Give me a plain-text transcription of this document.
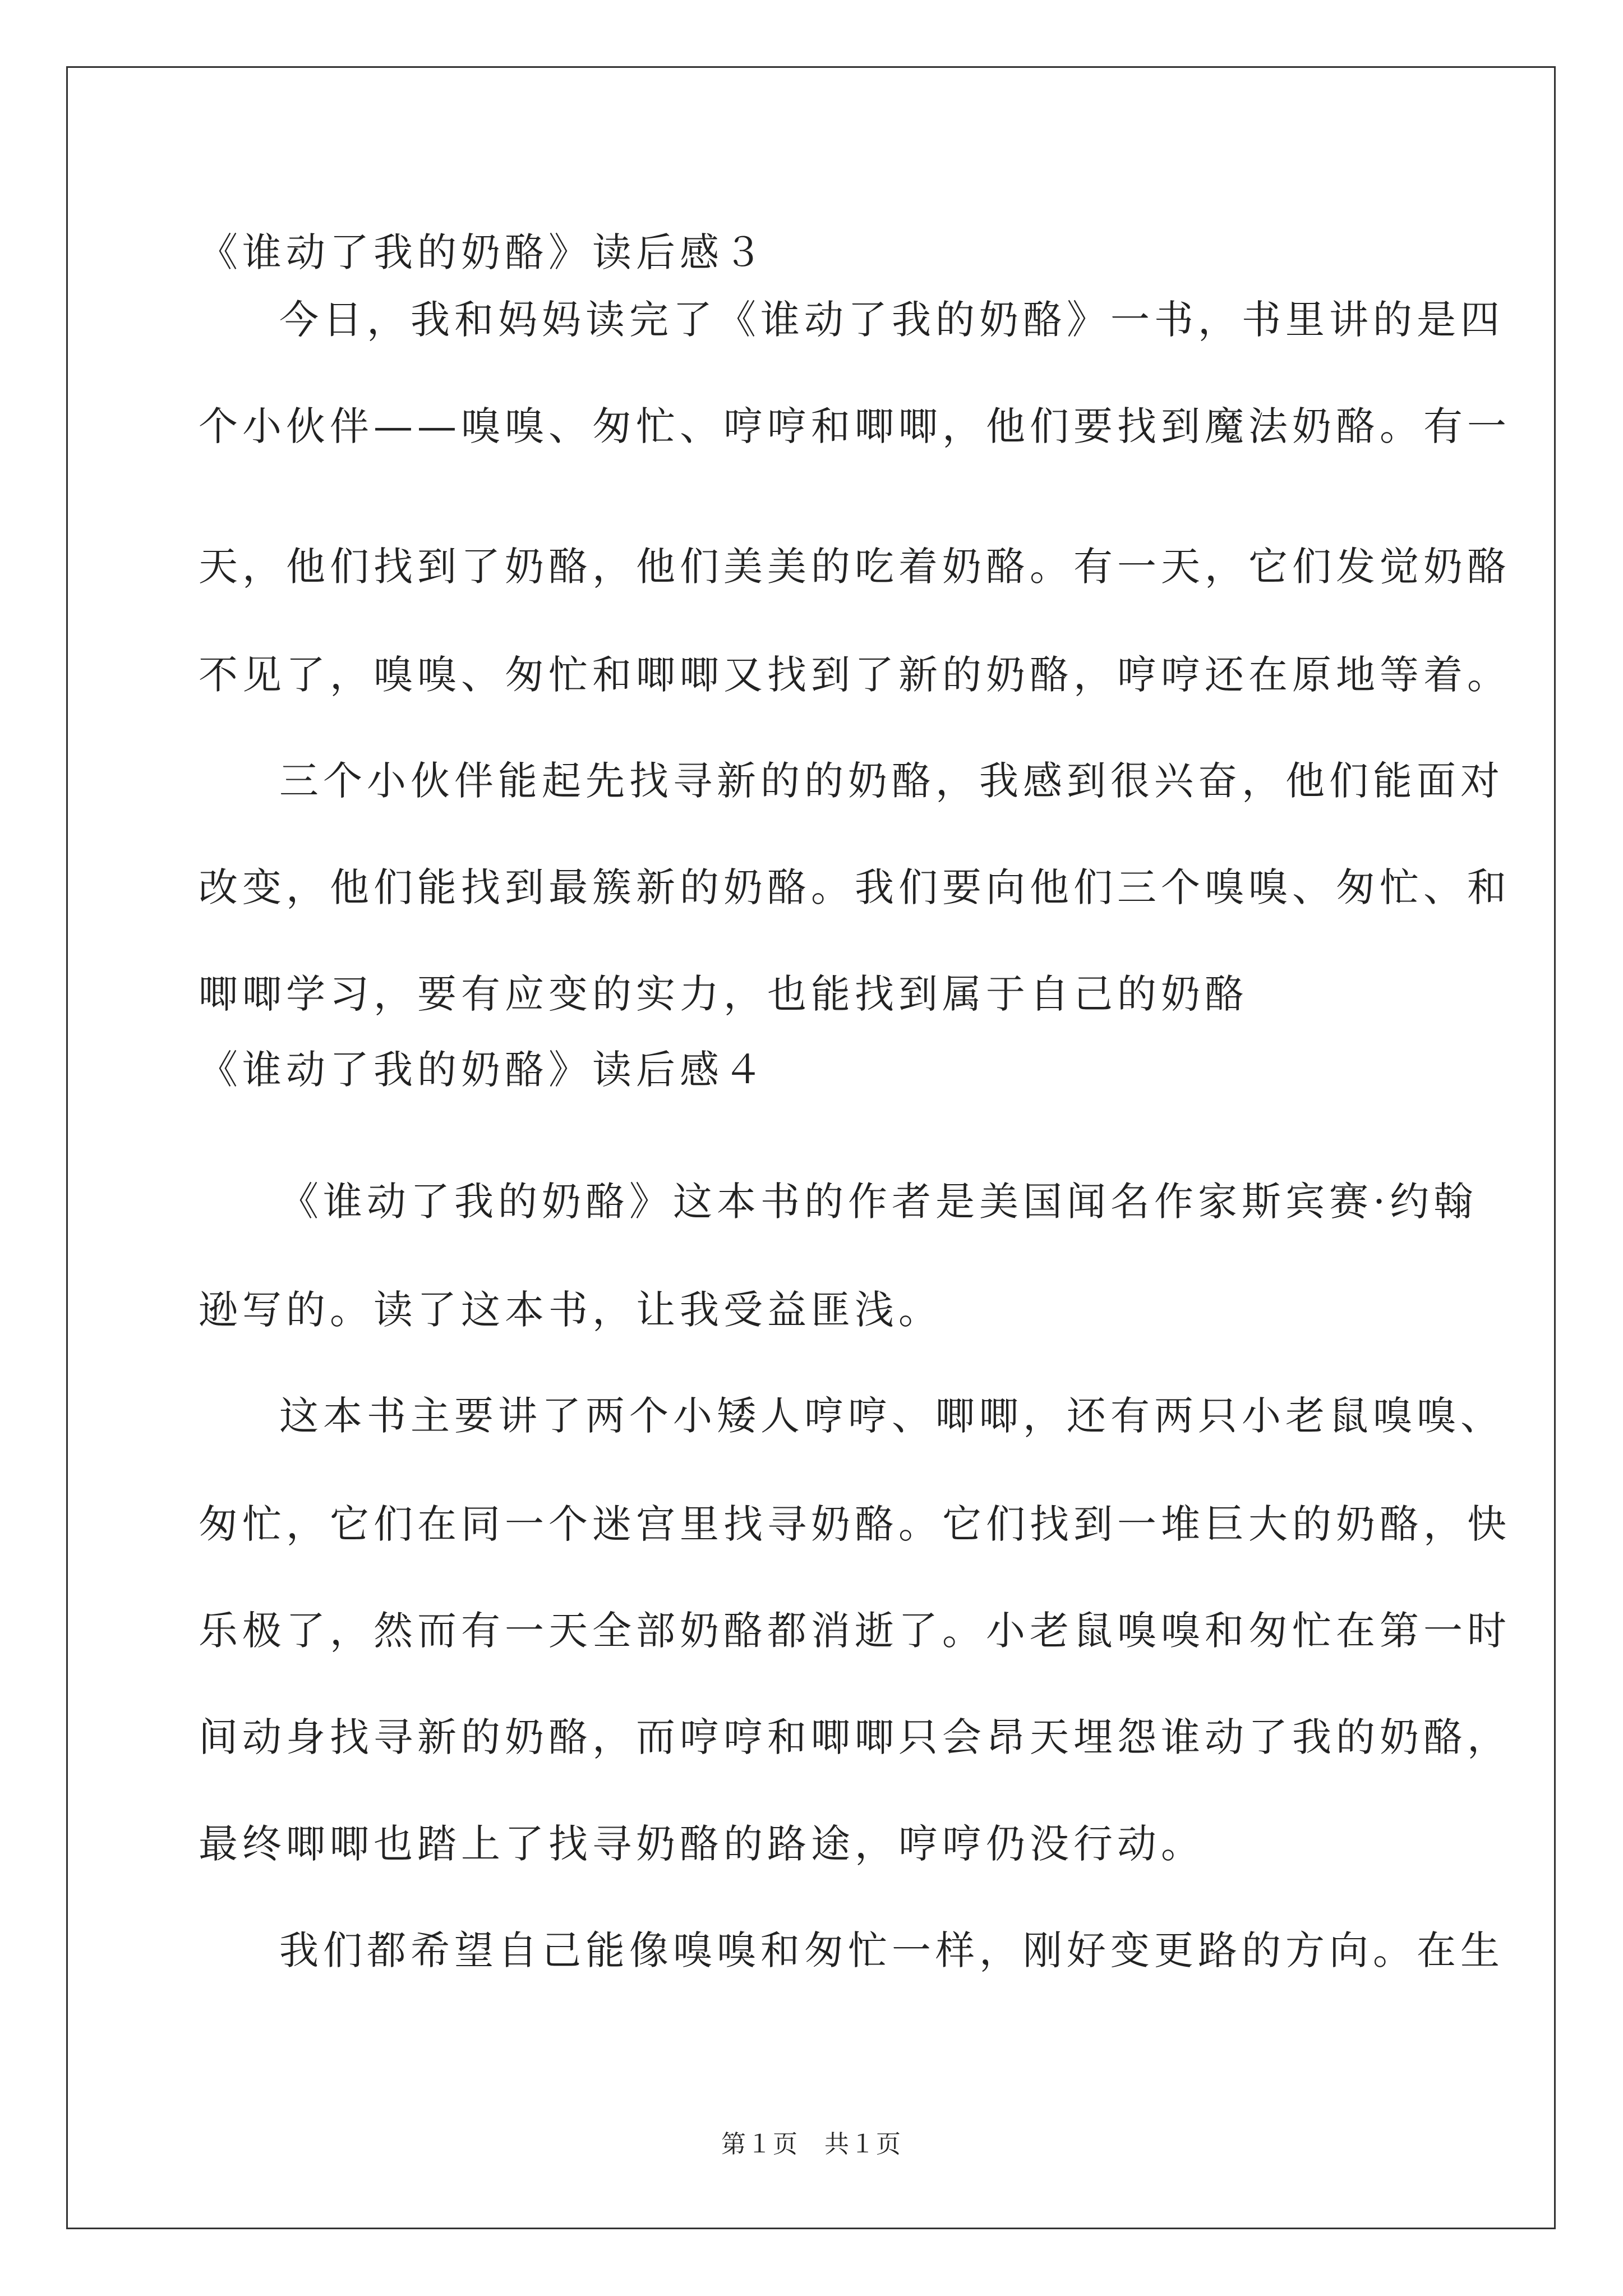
《谁动了我的奶酪》读后感３
今日，我和妈妈读完了《谁动了我的奶酪》一书，书里讲的是四
个小伙伴——嗅嗅、匆忙、哼哼和唧唧，他们要找到魔法奶酪。有一
天，他们找到了奶酪，他们美美的吃着奶酪。有一天，它们发觉奶酪
不见了，嗅嗅、匆忙和唧唧又找到了新的奶酪，哼哼还在原地等着。
三个小伙伴能起先找寻新的的奶酪，我感到很兴奋，他们能面对
改变，他们能找到最簇新的奶酪。我们要向他们三个嗅嗅、匆忙、和
唧唧学习，要有应变的实力，也能找到属于自己的奶酪
《谁动了我的奶酪》读后感４
《谁动了我的奶酪》这本书的作者是美国闻名作家斯宾赛·约翰
逊写的。读了这本书，让我受益匪浅。
这本书主要讲了两个小矮人哼哼、唧唧，还有两只小老鼠嗅嗅、
匆忙，它们在同一个迷宫里找寻奶酪。它们找到一堆巨大的奶酪，快
乐极了，然而有一天全部奶酪都消逝了。小老鼠嗅嗅和匆忙在第一时
间动身找寻新的奶酪，而哼哼和唧唧只会昂天埋怨谁动了我的奶酪，
最终唧唧也踏上了找寻奶酪的路途，哼哼仍没行动。
我们都希望自己能像嗅嗅和匆忙一样，刚好变更路的方向。在生
第１页　共１页
